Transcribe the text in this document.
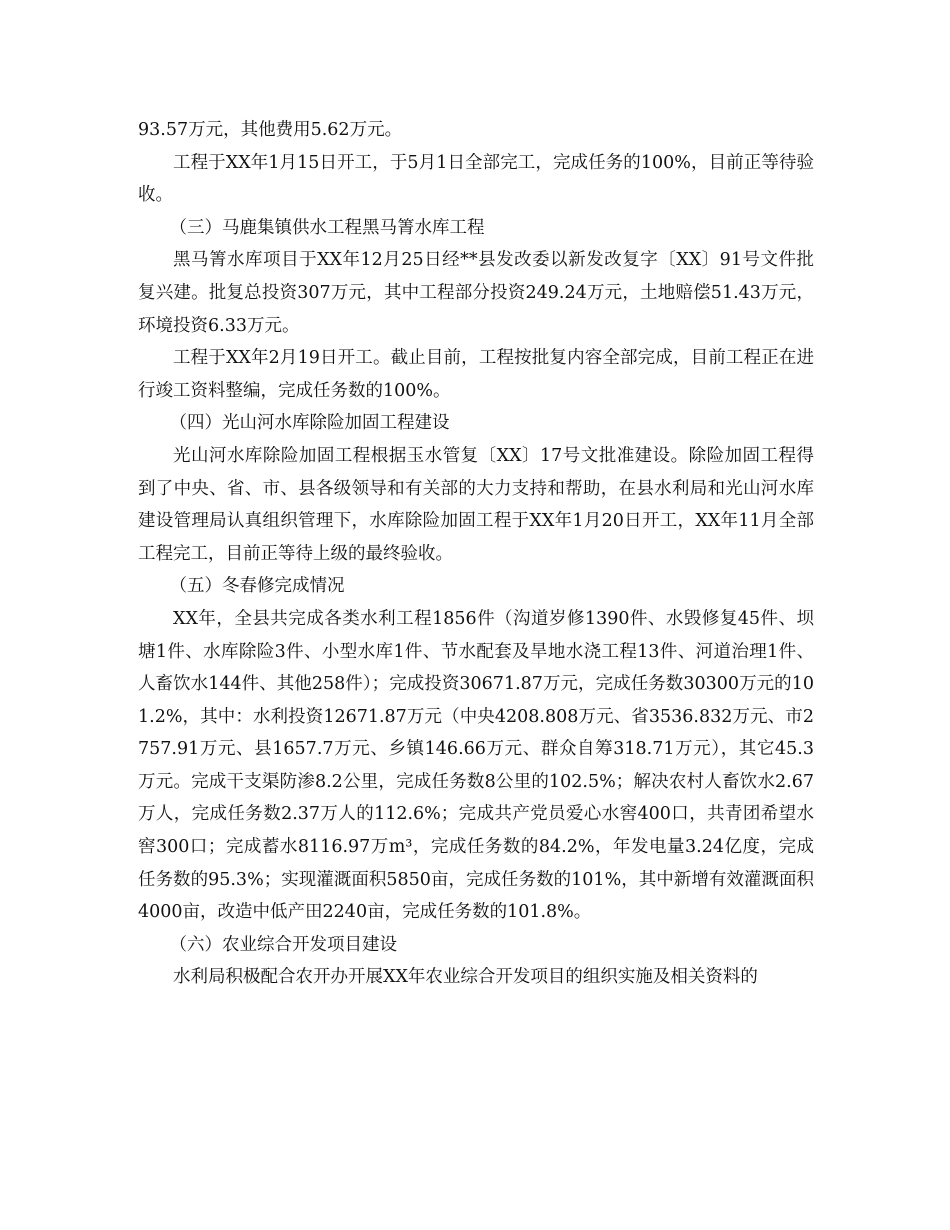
93.57万元，其他费用5.62万元。

工程于XX年1月15日开工，于5月1日全部完工，完成任务的100%，目前正等待验收。

（三）马鹿集镇供水工程黑马箐水库工程

黑马箐水库项目于XX年12月25日经**县发改委以新发改复字〔XX〕91号文件批复兴建。批复总投资307万元，其中工程部分投资249.24万元，土地赔偿51.43万元，环境投资6.33万元。

工程于XX年2月19日开工。截止目前，工程按批复内容全部完成，目前工程正在进行竣工资料整编，完成任务数的100%。

（四）光山河水库除险加固工程建设

光山河水库除险加固工程根据玉水管复〔XX〕17号文批准建设。除险加固工程得到了中央、省、市、县各级领导和有关部的大力支持和帮助，在县水利局和光山河水库建设管理局认真组织管理下，水库除险加固工程于XX年1月20日开工，XX年11月全部工程完工，目前正等待上级的最终验收。

（五）冬春修完成情况

XX年，全县共完成各类水利工程1856件（沟道岁修1390件、水毁修复45件、坝塘1件、水库除险3件、小型水库1件、节水配套及旱地水浇工程13件、河道治理1件、人畜饮水144件、其他258件）；完成投资30671.87万元，完成任务数30300万元的101.2%，其中：水利投资12671.87万元（中央4208.808万元、省3536.832万元、市2757.91万元、县1657.7万元、乡镇146.66万元、群众自筹318.71万元），其它45.3万元。完成干支渠防渗8.2公里，完成任务数8公里的102.5%；解决农村人畜饮水2.67万人，完成任务数2.37万人的112.6%；完成共产党员爱心水窖400口，共青团希望水窖300口；完成蓄水8116.97万m³，完成任务数的84.2%，年发电量3.24亿度，完成任务数的95.3%；实现灌溉面积5850亩，完成任务数的101%，其中新增有效灌溉面积4000亩，改造中低产田2240亩，完成任务数的101.8%。

（六）农业综合开发项目建设

水利局积极配合农开办开展XX年农业综合开发项目的组织实施及相关资料的
